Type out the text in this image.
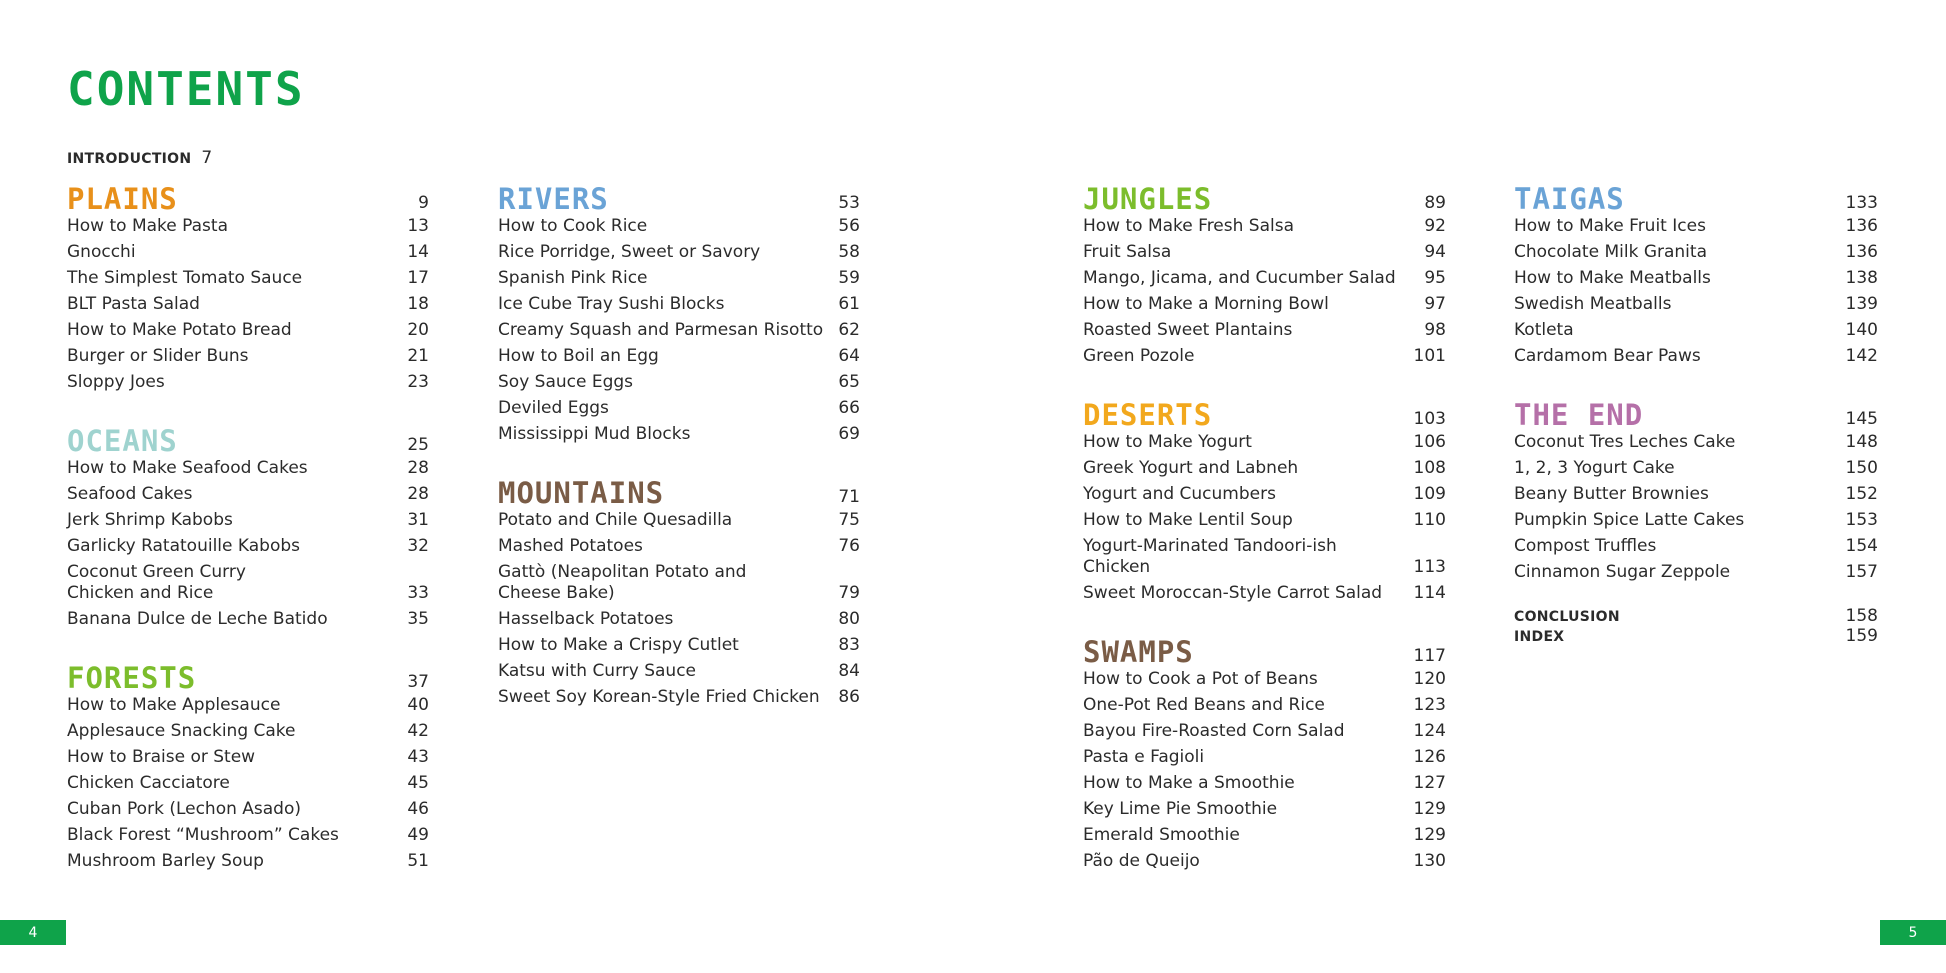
CONTENTS
INTRODUCTION 7
PLAINS	9
How to Make Pasta	13
Gnocchi	14
The Simplest Tomato Sauce	17
BLT Pasta Salad	18
How to Make Potato Bread	20
Burger or Slider Buns	21
Sloppy Joes	23
OCEANS	25
How to Make Seafood Cakes	28
Seafood Cakes	28
Jerk Shrimp Kabobs	31
Garlicky Ratatouille Kabobs	32
Coconut Green Curry
Chicken and Rice	33
Banana Dulce de Leche Batido	35
FORESTS	37
How to Make Applesauce	40
Applesauce Snacking Cake	42
How to Braise or Stew	43
Chicken Cacciatore	45
Cuban Pork (Lechon Asado)	46
Black Forest “Mushroom” Cakes	49
Mushroom Barley Soup	51
RIVERS	53
How to Cook Rice	56
Rice Porridge, Sweet or Savory	58
Spanish Pink Rice	59
Ice Cube Tray Sushi Blocks	61
Creamy Squash and Parmesan Risotto 62
How to Boil an Egg	64
Soy Sauce Eggs	65
Deviled Eggs	66
Mississippi Mud Blocks	69
MOUNTAINS	71
Potato and Chile Quesadilla	75
Mashed Potatoes	76
Gattò (Neapolitan Potato and
Cheese Bake)	79
Hasselback Potatoes	80
How to Make a Crispy Cutlet	83
Katsu with Curry Sauce	84
Sweet Soy Korean-Style Fried Chicken	86
JUNGLES	89
How to Make Fresh Salsa	92
Fruit Salsa	94
Mango, Jicama, and Cucumber Salad	95
How to Make a Morning Bowl	97
Roasted Sweet Plantains	98
Green Pozole	101
DESERTS	103
How to Make Yogurt	106
Greek Yogurt and Labneh	108
Yogurt and Cucumbers	109
How to Make Lentil Soup	110
Yogurt-Marinated Tandoori-ish Chicken	113
Sweet Moroccan-Style Carrot Salad	114
SWAMPS	117
How to Cook a Pot of Beans	120
One-Pot Red Beans and Rice	123
Bayou Fire-Roasted Corn Salad	124
Pasta e Fagioli	126
How to Make a Smoothie	127
Key Lime Pie Smoothie	129
Emerald Smoothie	129
Pão de Queijo	130
TAIGAS	133
How to Make Fruit Ices	136
Chocolate Milk Granita	136
How to Make Meatballs	138
Swedish Meatballs	139
Kotleta	140
Cardamom Bear Paws	142
THE END	145
Coconut Tres Leches Cake	148
1, 2, 3 Yogurt Cake	150
Beany Butter Brownies	152
Pumpkin Spice Latte Cakes	153
Compost Truffles	154
Cinnamon Sugar Zeppole	157
CONCLUSION	158
INDEX	159
4	5
